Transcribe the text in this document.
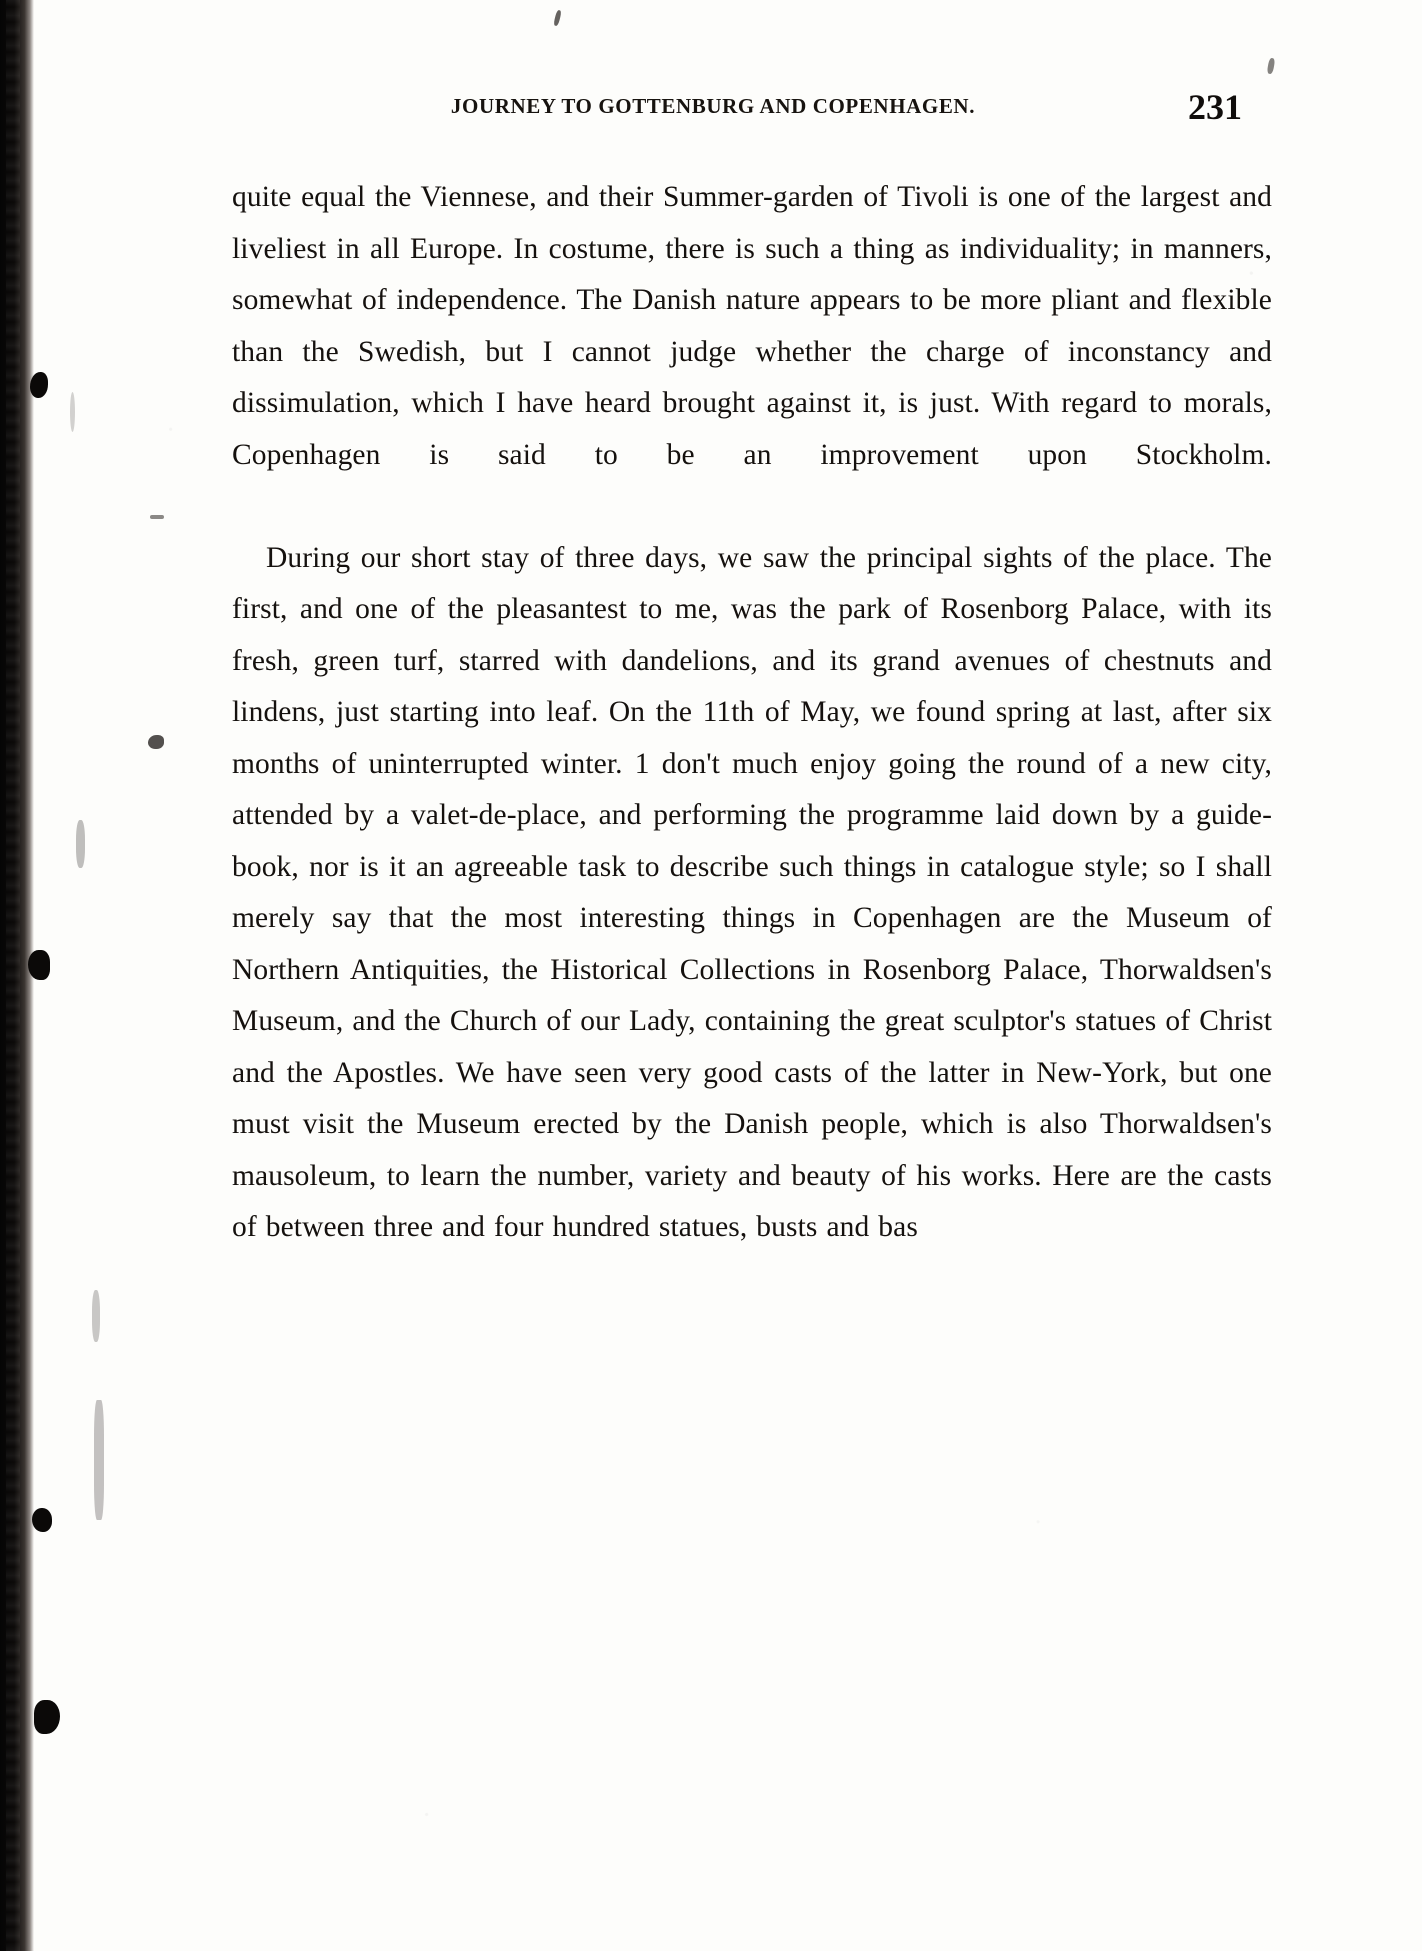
JOURNEY TO GOTTENBURG AND COPENHAGEN.	231

quite equal the Viennese, and their Summer-garden of Tivoli is one of the largest and liveliest in all Europe. In costume, there is such a thing as individuality; in manners, somewhat of independence. The Danish nature appears to be more pliant and flexible than the Swedish, but I cannot judge whether the charge of inconstancy and dissimulation, which I have heard brought against it, is just. With regard to morals, Copenhagen is said to be an improvement upon Stockholm.

During our short stay of three days, we saw the principal sights of the place. The first, and one of the pleasantest to me, was the park of Rosenborg Palace, with its fresh, green turf, starred with dandelions, and its grand avenues of chestnuts and lindens, just starting into leaf. On the 11th of May, we found spring at last, after six months of uninterrupted winter. 1 don't much enjoy going the round of a new city, attended by a valet-de-place, and performing the programme laid down by a guide-book, nor is it an agreeable task to describe such things in catalogue style; so I shall merely say that the most interesting things in Copenhagen are the Museum of Northern Antiquities, the Historical Collections in Rosenborg Palace, Thorwaldsen's Museum, and the Church of our Lady, containing the great sculptor's statues of Christ and the Apostles. We have seen very good casts of the latter in New-York, but one must visit the Museum erected by the Danish people, which is also Thorwaldsen's mausoleum, to learn the number, variety and beauty of his works. Here are the casts of between three and four hundred statues, busts and bas
